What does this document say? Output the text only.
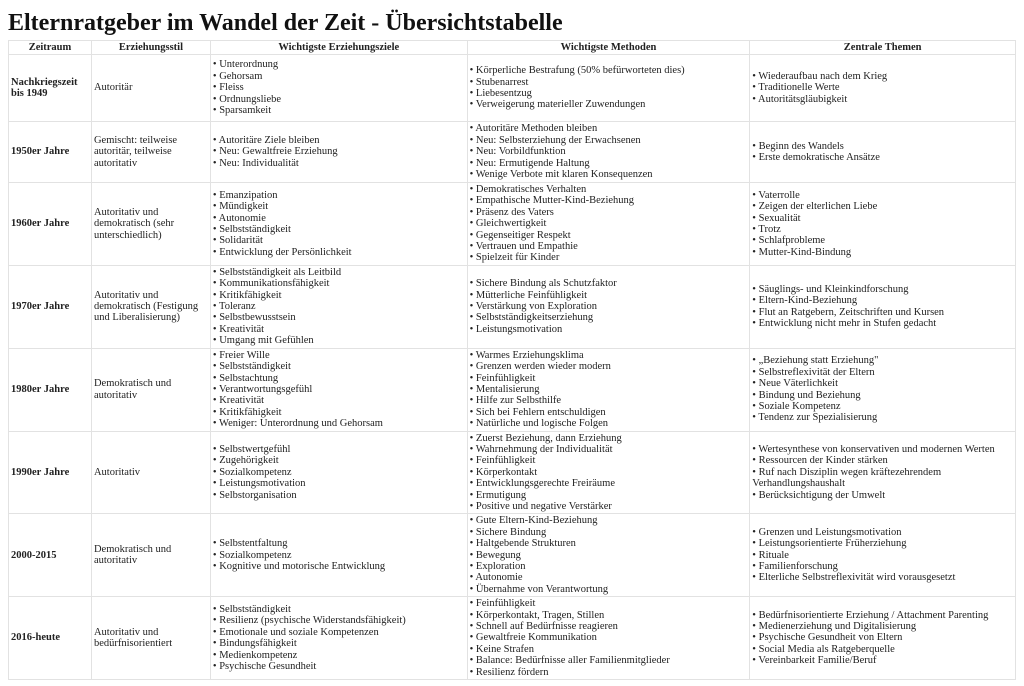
Elternratgeber im Wandel der Zeit - Übersichtstabelle
Zeitraum	Erziehungsstil	Wichtigste Erziehungsziele	Wichtigste Methoden	Zentrale Themen
Nachkriegszeit bis 1949	Autoritär	
• Unterordnung
• Gehorsam
• Fleiss
• Ordnungsliebe
• Sparsamkeit

• Körperliche Bestrafung (50% befürworteten dies)
• Stubenarrest
• Liebesentzug
• Verweigerung materieller Zuwendungen

• Wiederaufbau nach dem Krieg
• Traditionelle Werte
• Autoritätsgläubigkeit

1950er Jahre	Gemischt: teilweise autoritär, teilweise autoritativ	
• Autoritäre Ziele bleiben
• Neu: Gewaltfreie Erziehung
• Neu: Individualität

• Autoritäre Methoden bleiben
• Neu: Selbsterziehung der Erwachsenen
• Neu: Vorbildfunktion
• Neu: Ermutigende Haltung
• Wenige Verbote mit klaren Konsequenzen

• Beginn des Wandels
• Erste demokratische Ansätze

1960er Jahre	Autoritativ und demokratisch (sehr unterschiedlich)	
• Emanzipation
• Mündigkeit
• Autonomie
• Selbstständigkeit
• Solidarität
• Entwicklung der Persönlichkeit

• Demokratisches Verhalten
• Empathische Mutter-Kind-Beziehung
• Präsenz des Vaters
• Gleichwertigkeit
• Gegenseitiger Respekt
• Vertrauen und Empathie
• Spielzeit für Kinder

• Vaterrolle
• Zeigen der elterlichen Liebe
• Sexualität
• Trotz
• Schlafprobleme
• Mutter-Kind-Bindung

1970er Jahre	Autoritativ und demokratisch (Festigung und Liberalisierung)	
• Selbstständigkeit als Leitbild
• Kommunikationsfähigkeit
• Kritikfähigkeit
• Toleranz
• Selbstbewusstsein
• Kreativität
• Umgang mit Gefühlen

• Sichere Bindung als Schutzfaktor
• Mütterliche Feinfühligkeit
• Verstärkung von Exploration
• Selbstständigkeitserziehung
• Leistungsmotivation

• Säuglings- und Kleinkindforschung
• Eltern-Kind-Beziehung
• Flut an Ratgebern, Zeitschriften und Kursen
• Entwicklung nicht mehr in Stufen gedacht

1980er Jahre	Demokratisch und autoritativ	
• Freier Wille
• Selbstständigkeit
• Selbstachtung
• Verantwortungsgefühl
• Kreativität
• Kritikfähigkeit
• Weniger: Unterordnung und Gehorsam

• Warmes Erziehungsklima
• Grenzen werden wieder modern
• Feinfühligkeit
• Mentalisierung
• Hilfe zur Selbsthilfe
• Sich bei Fehlern entschuldigen
• Natürliche und logische Folgen

• „Beziehung statt Erziehung"
• Selbstreflexivität der Eltern
• Neue Väterlichkeit
• Bindung und Beziehung
• Soziale Kompetenz
• Tendenz zur Spezialisierung

1990er Jahre	Autoritativ	
• Selbstwertgefühl
• Zugehörigkeit
• Sozialkompetenz
• Leistungsmotivation
• Selbstorganisation

• Zuerst Beziehung, dann Erziehung
• Wahrnehmung der Individualität
• Feinfühligkeit
• Körperkontakt
• Entwicklungsgerechte Freiräume
• Ermutigung
• Positive und negative Verstärker

• Wertesynthese von konservativen und modernen Werten
• Ressourcen der Kinder stärken
• Ruf nach Disziplin wegen kräftezehrendem Verhandlungshaushalt
• Berücksichtigung der Umwelt

2000-2015	Demokratisch und autoritativ	
• Selbstentfaltung
• Sozialkompetenz
• Kognitive und motorische Entwicklung

• Gute Eltern-Kind-Beziehung
• Sichere Bindung
• Haltgebende Strukturen
• Bewegung
• Exploration
• Autonomie
• Übernahme von Verantwortung

• Grenzen und Leistungsmotivation
• Leistungsorientierte Früherziehung
• Rituale
• Familienforschung
• Elterliche Selbstreflexivität wird vorausgesetzt

2016-heute	Autoritativ und bedürfnisorientiert	
• Selbstständigkeit
• Resilienz (psychische Widerstandsfähigkeit)
• Emotionale und soziale Kompetenzen
• Bindungsfähigkeit
• Medienkompetenz
• Psychische Gesundheit

• Feinfühligkeit
• Körperkontakt, Tragen, Stillen
• Schnell auf Bedürfnisse reagieren
• Gewaltfreie Kommunikation
• Keine Strafen
• Balance: Bedürfnisse aller Familienmitglieder
• Resilienz fördern

• Bedürfnisorientierte Erziehung / Attachment Parenting
• Medienerziehung und Digitalisierung
• Psychische Gesundheit von Eltern
• Social Media als Ratgeberquelle
• Vereinbarkeit Familie/Beruf
